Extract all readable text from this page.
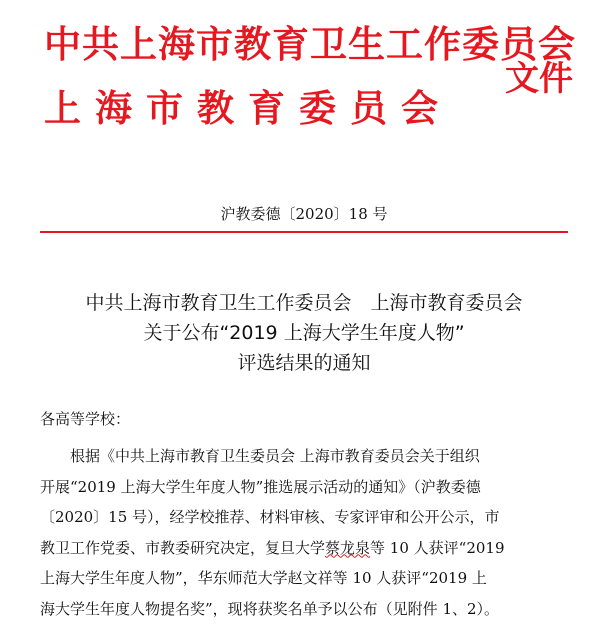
中共上海市教育卫生工作委员会
上海市教育委员会
文件
沪教委德〔2020〕18 号
中共上海市教育卫生工作委员会　上海市教育委员会
关于公布“2019 上海大学生年度人物”
评选结果的通知
各高等学校：
根据《中共上海市教育卫生委员会 上海市教育委员会关于组织
开展“2019 上海大学生年度人物”推选展示活动的通知》（沪教委德
〔2020〕15 号），经学校推荐、材料审核、专家评审和公开公示，市
教卫工作党委、市教委研究决定，复旦大学蔡龙泉等 10 人获评“2019
上海大学生年度人物”，华东师范大学赵文祥等 10 人获评“2019 上
海大学生年度人物提名奖”，现将获奖名单予以公布（见附件 1、2）。
